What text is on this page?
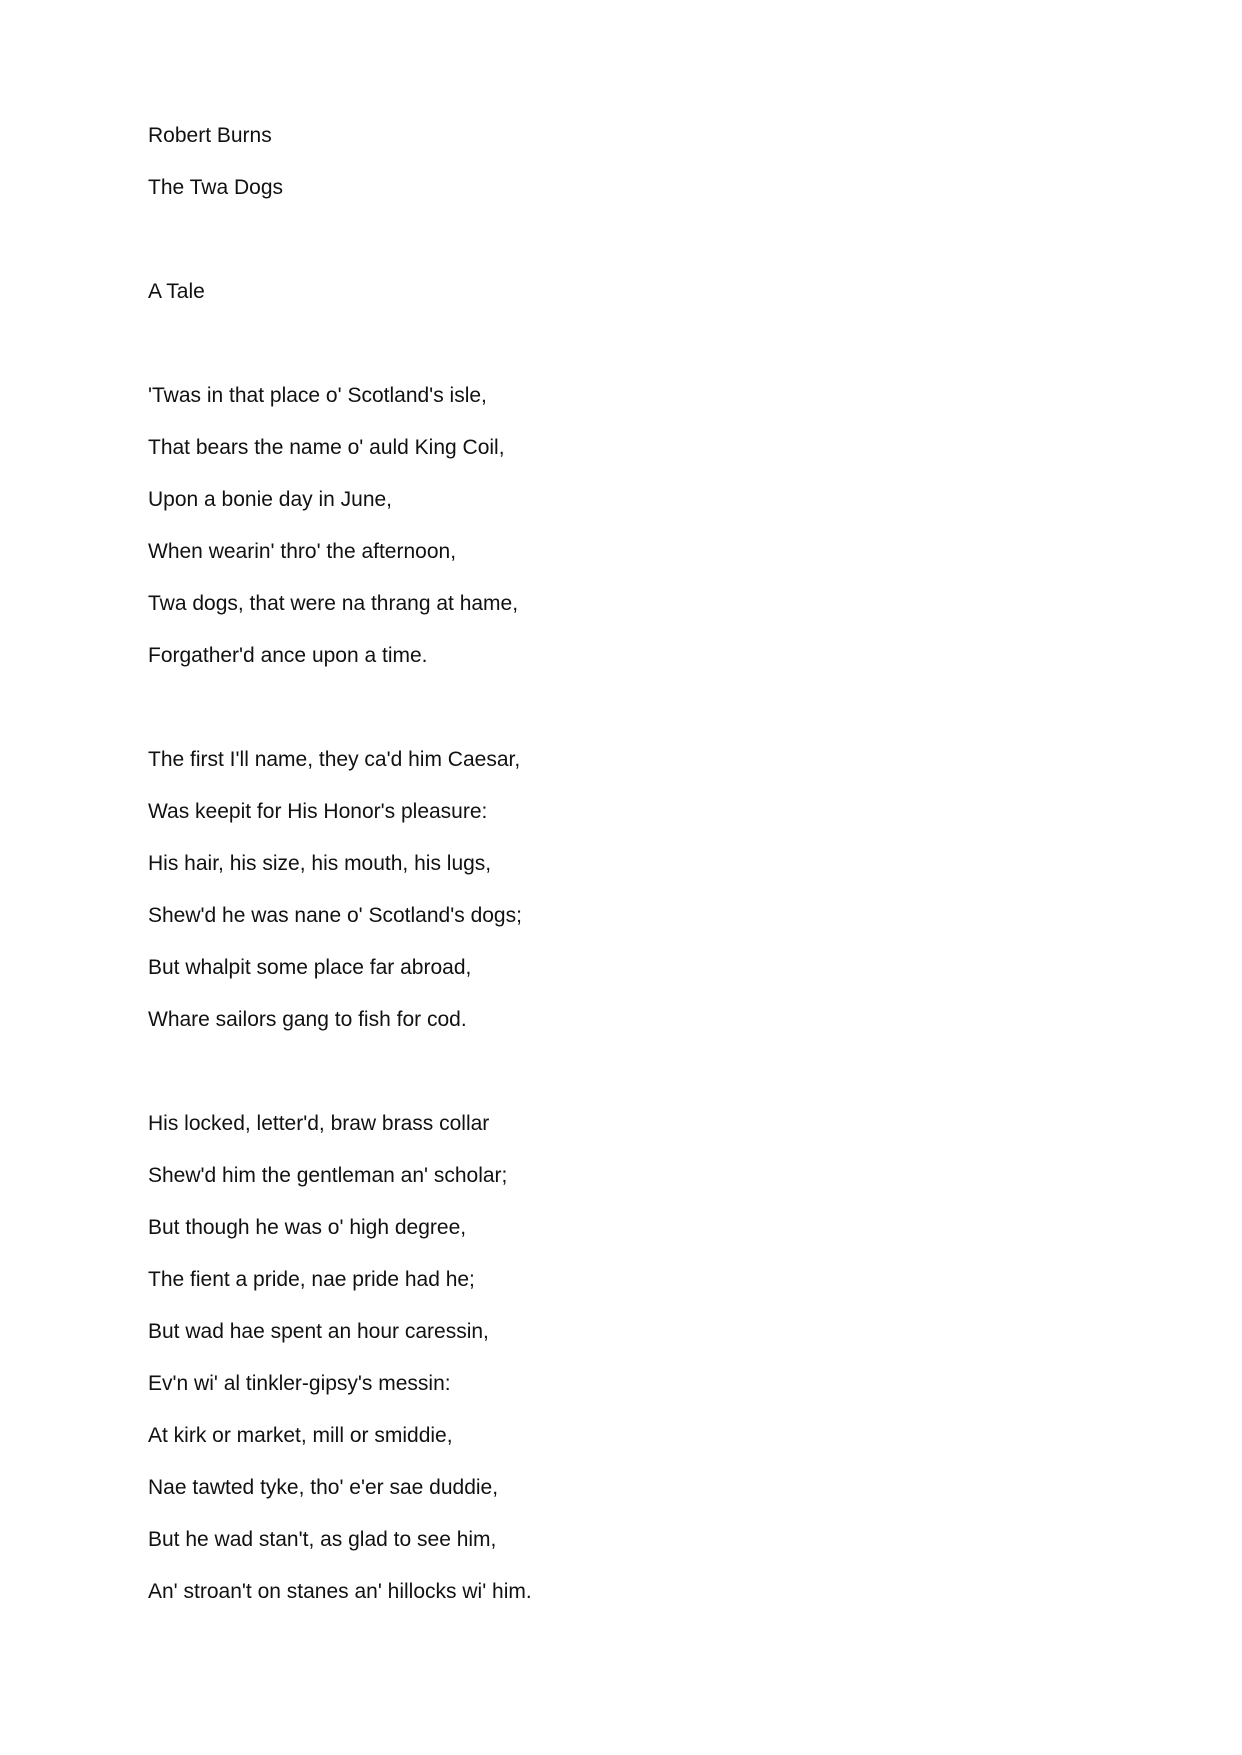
Robert Burns
The Twa Dogs
A Tale
'Twas in that place o' Scotland's isle,
That bears the name o' auld King Coil,
Upon a bonie day in June,
When wearin' thro' the afternoon,
Twa dogs, that were na thrang at hame,
Forgather'd ance upon a time.
The first I'll name, they ca'd him Caesar,
Was keepit for His Honor's pleasure:
His hair, his size, his mouth, his lugs,
Shew'd he was nane o' Scotland's dogs;
But whalpit some place far abroad,
Whare sailors gang to fish for cod.
His locked, letter'd, braw brass collar
Shew'd him the gentleman an' scholar;
But though he was o' high degree,
The fient a pride, nae pride had he;
But wad hae spent an hour caressin,
Ev'n wi' al tinkler-gipsy's messin:
At kirk or market, mill or smiddie,
Nae tawted tyke, tho' e'er sae duddie,
But he wad stan't, as glad to see him,
An' stroan't on stanes an' hillocks wi' him.
